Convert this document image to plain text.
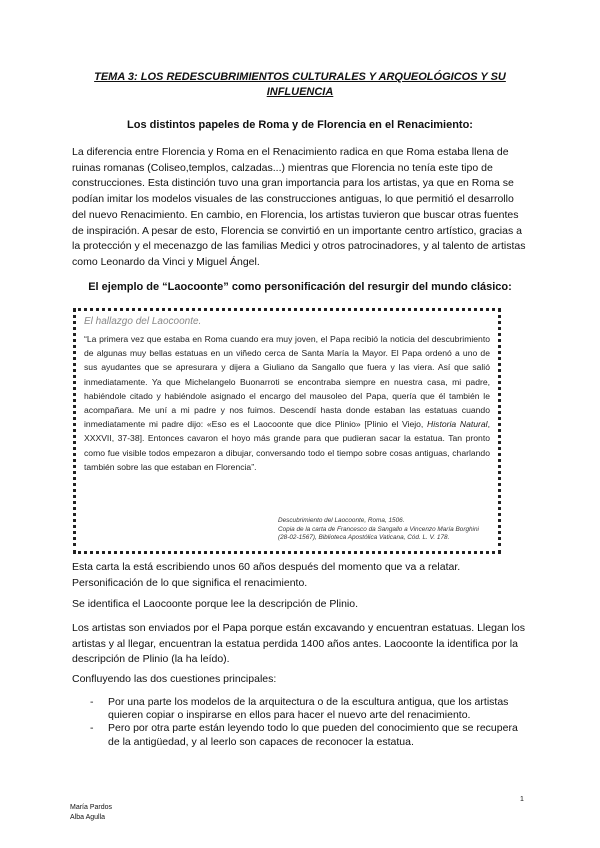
TEMA 3: LOS REDESCUBRIMIENTOS CULTURALES Y ARQUEOLÓGICOS Y SU INFLUENCIA
Los distintos papeles de Roma y de Florencia en el Renacimiento:
La diferencia entre Florencia y Roma en el Renacimiento radica en que Roma estaba llena de ruinas romanas (Coliseo,templos, calzadas...) mientras que Florencia no tenía este tipo de construcciones. Esta distinción tuvo una gran importancia para los artistas, ya que en Roma se podían imitar los modelos visuales de las construcciones antiguas, lo que permitió el desarrollo del nuevo Renacimiento. En cambio, en Florencia, los artistas tuvieron que buscar otras fuentes de inspiración. A pesar de esto, Florencia se convirtió en un importante centro artístico, gracias a la protección y el mecenazgo de las familias Medici y otros patrocinadores, y al talento de artistas como Leonardo da Vinci y Miguel Ángel.
El ejemplo de “Laocoonte” como personificación del resurgir del mundo clásico:
El hallazgo del Laocoonte.
“La primera vez que estaba en Roma cuando era muy joven, el Papa recibió la noticia del descubrimiento de algunas muy bellas estatuas en un viñedo cerca de Santa María la Mayor. El Papa ordenó a uno de sus ayudantes que se apresurara y dijera a Giuliano da Sangallo que fuera y las viera. Así que salió inmediatamente. Ya que Michelangelo Buonarroti se encontraba siempre en nuestra casa, mi padre, habiéndole citado y habiéndole asignado el encargo del mausoleo del Papa, quería que él también le acompañara. Me uní a mi padre y nos fuimos. Descendí hasta donde estaban las estatuas cuando inmediatamente mi padre dijo: «Eso es el Laocoonte que dice Plinio» [Plinio el Viejo, Historia Natural, XXXVII, 37-38]. Entonces cavaron el hoyo más grande para que pudieran sacar la estatua. Tan pronto como fue visible todos empezaron a dibujar, conversando todo el tiempo sobre cosas antiguas, charlando también sobre las que estaban en Florencia”.
Descubrimiento del Laocoonte, Roma, 1506.
Copia de la carta de Francesco da Sangallo a Vincenzo María Borghini (28-02-1567), Biblioteca Apostólica Vaticana, Cód. L. V. 178.
Esta carta la está escribiendo unos 60 años después del momento que va a relatar. Personificación de lo que significa el renacimiento.
Se identifica el Laocoonte porque lee la descripción de Plinio.
Los artistas son enviados por el Papa porque están excavando y encuentran estatuas. Llegan los artistas y al llegar, encuentran la estatua perdida 1400 años antes. Laocoonte la identifica por la descripción de Plinio (la ha leído).
Confluyendo las dos cuestiones principales:
- Por una parte los modelos de la arquitectura o de la escultura antigua, que los artistas quieren copiar o inspirarse en ellos para hacer el nuevo arte del renacimiento.
- Pero por otra parte están leyendo todo lo que pueden del conocimiento que se recupera de la antigüedad, y al leerlo son capaces de reconocer la estatua.
1
María Pardos
Alba Agulla
